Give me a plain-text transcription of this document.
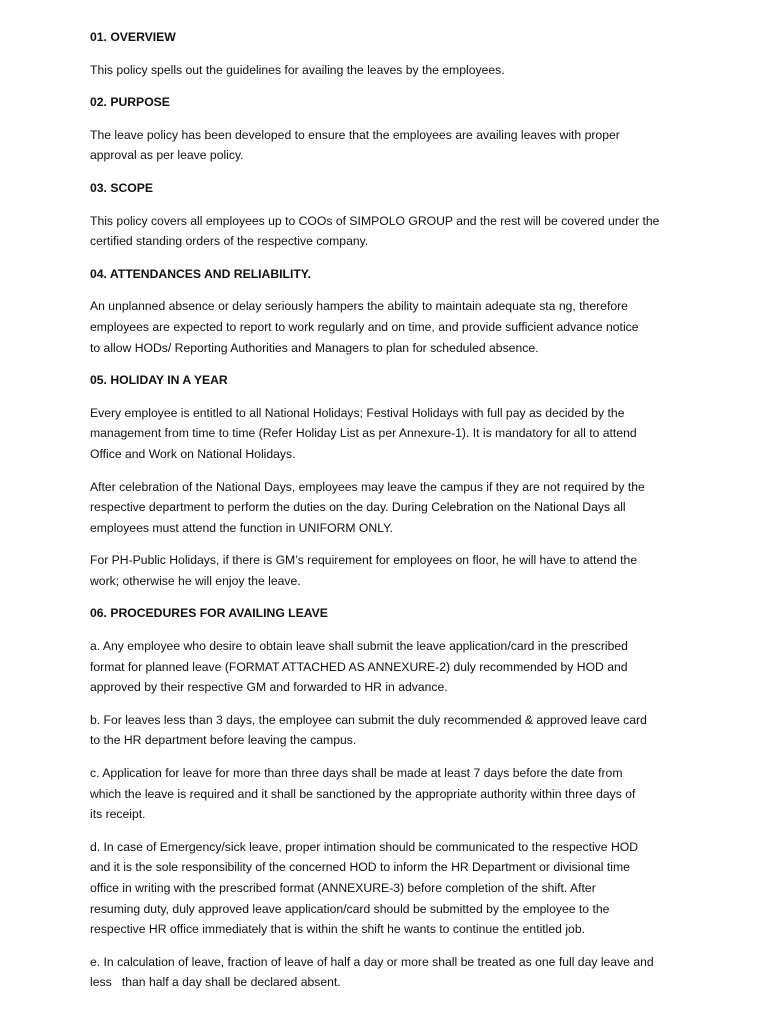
01. OVERVIEW

This policy spells out the guidelines for availing the leaves by the employees.

02. PURPOSE

The leave policy has been developed to ensure that the employees are availing leaves with proper
approval as per leave policy.

03. SCOPE

This policy covers all employees up to COOs of SIMPOLO GROUP and the rest will be covered under the
certified standing orders of the respective company.

04. ATTENDANCES AND RELIABILITY.

An unplanned absence or delay seriously hampers the ability to maintain adequate sta ng, therefore
employees are expected to report to work regularly and on time, and provide sufficient advance notice
to allow HODs/ Reporting Authorities and Managers to plan for scheduled absence.

05. HOLIDAY IN A YEAR

Every employee is entitled to all National Holidays; Festival Holidays with full pay as decided by the
management from time to time (Refer Holiday List as per Annexure-1). It is mandatory for all to attend
Office and Work on National Holidays.

After celebration of the National Days, employees may leave the campus if they are not required by the
respective department to perform the duties on the day. During Celebration on the National Days all
employees must attend the function in UNIFORM ONLY.

For PH-Public Holidays, if there is GM’s requirement for employees on floor, he will have to attend the
work; otherwise he will enjoy the leave.

06. PROCEDURES FOR AVAILING LEAVE

a. Any employee who desire to obtain leave shall submit the leave application/card in the prescribed
format for planned leave (FORMAT ATTACHED AS ANNEXURE-2) duly recommended by HOD and
approved by their respective GM and forwarded to HR in advance.

b. For leaves less than 3 days, the employee can submit the duly recommended & approved leave card
to the HR department before leaving the campus.

c. Application for leave for more than three days shall be made at least 7 days before the date from
which the leave is required and it shall be sanctioned by the appropriate authority within three days of
its receipt.

d. In case of Emergency/sick leave, proper intimation should be communicated to the respective HOD
and it is the sole responsibility of the concerned HOD to inform the HR Department or divisional time
office in writing with the prescribed format (ANNEXURE-3) before completion of the shift. After
resuming duty, duly approved leave application/card should be submitted by the employee to the
respective HR office immediately that is within the shift he wants to continue the entitled job.

e. In calculation of leave, fraction of leave of half a day or more shall be treated as one full day leave and
less   than half a day shall be declared absent.
